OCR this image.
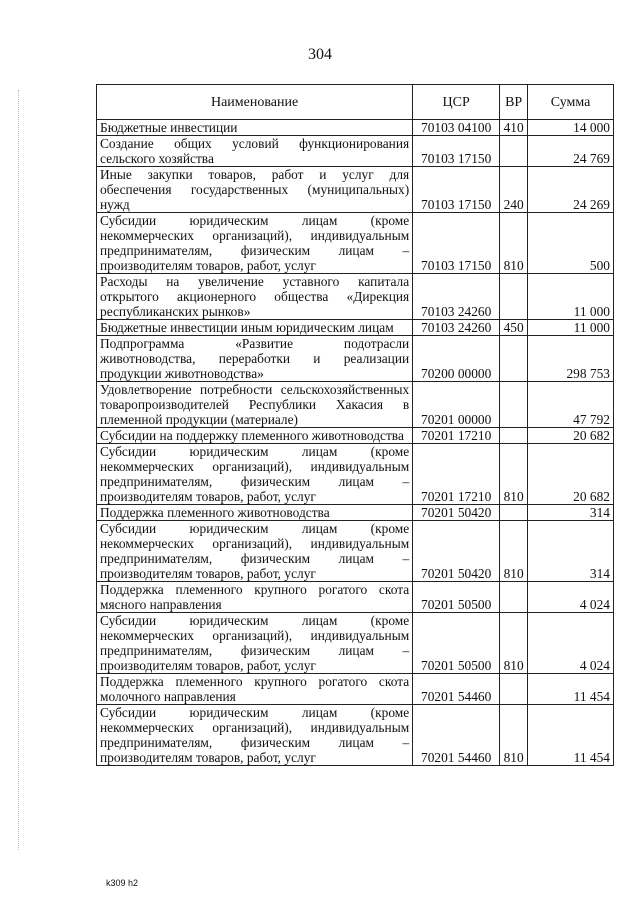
304
Наименование	ЦСР	ВР	Сумма
Бюджетные инвестиции	70103 04100	410	14 000
Создание общих условий функционирования сельского хозяйства	70103 17150		24 769
Иные закупки товаров, работ и услуг для обеспечения государственных (муниципальных) нужд	70103 17150	240	24 269
Субсидии юридическим лицам (кроме некоммерческих организаций), индивидуальным предпринимателям, физическим лицам – производителям товаров, работ, услуг	70103 17150	810	500
Расходы на увеличение уставного капитала открытого акционерного общества «Дирекция республиканских рынков»	70103 24260		11 000
Бюджетные инвестиции иным юридическим лицам	70103 24260	450	11 000
Подпрограмма «Развитие подотрасли животноводства, переработки и реализации продукции животноводства»	70200 00000		298 753
Удовлетворение потребности сельскохозяйственных товаропроизводителей Республики Хакасия в племенной продукции (материале)	70201 00000		47 792
Субсидии на поддержку племенного животноводства	70201 17210		20 682
Субсидии юридическим лицам (кроме некоммерческих организаций), индивидуальным предпринимателям, физическим лицам – производителям товаров, работ, услуг	70201 17210	810	20 682
Поддержка племенного животноводства	70201 50420		314
Субсидии юридическим лицам (кроме некоммерческих организаций), индивидуальным предпринимателям, физическим лицам – производителям товаров, работ, услуг	70201 50420	810	314
Поддержка племенного крупного рогатого скота мясного направления	70201 50500		4 024
Субсидии юридическим лицам (кроме некоммерческих организаций), индивидуальным предпринимателям, физическим лицам – производителям товаров, работ, услуг	70201 50500	810	4 024
Поддержка племенного крупного рогатого скота молочного направления	70201 54460		11 454
Субсидии юридическим лицам (кроме некоммерческих организаций), индивидуальным предпринимателям, физическим лицам – производителям товаров, работ, услуг	70201 54460	810	11 454
k309 h2
